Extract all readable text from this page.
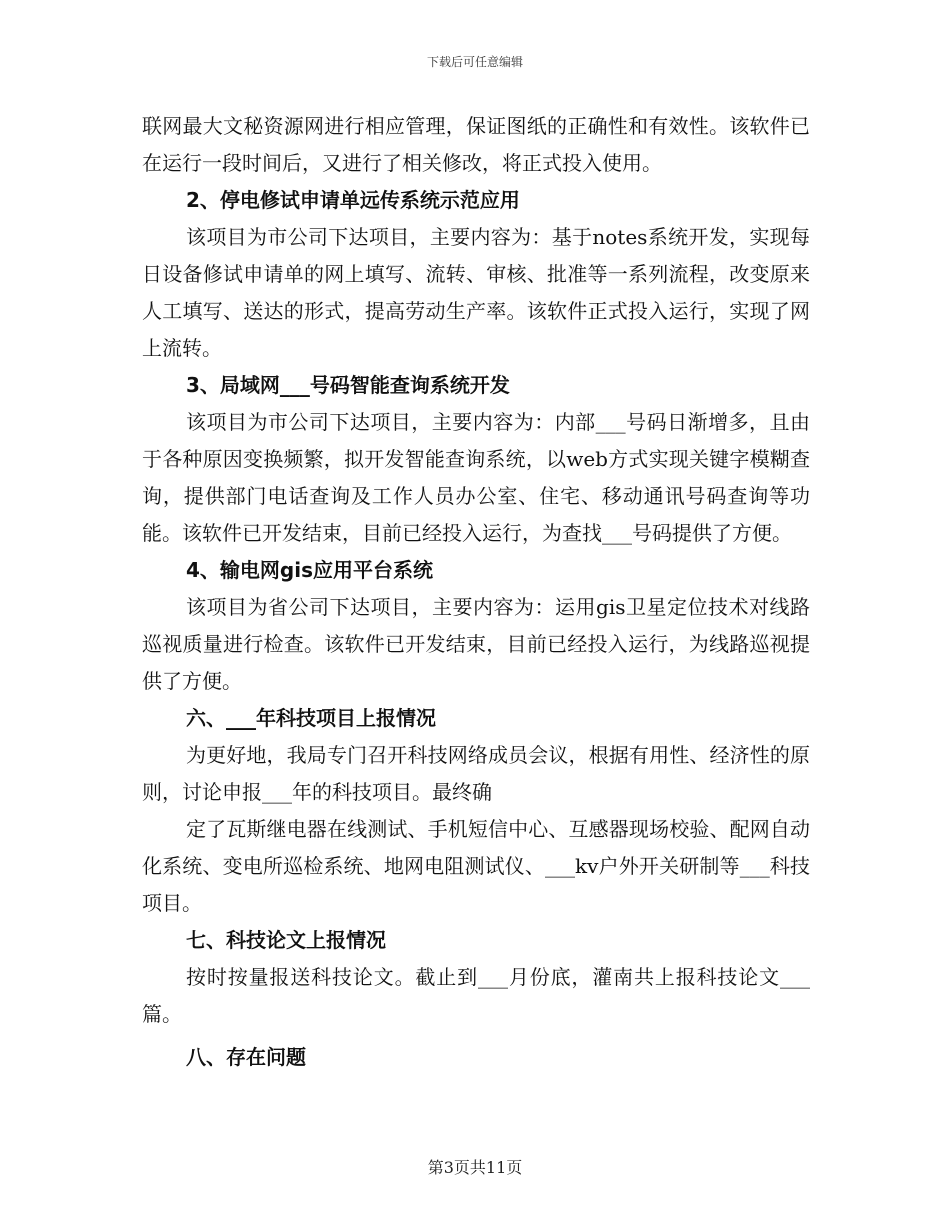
下载后可任意编辑

联网最大文秘资源网进行相应管理，保证图纸的正确性和有效性。该软件已在运行一段时间后，又进行了相关修改，将正式投入使用。

2、停电修试申请单远传系统示范应用

该项目为市公司下达项目，主要内容为：基于notes系统开发，实现每日设备修试申请单的网上填写、流转、审核、批准等一系列流程，改变原来人工填写、送达的形式，提高劳动生产率。该软件正式投入运行，实现了网上流转。

3、局域网___号码智能查询系统开发

该项目为市公司下达项目，主要内容为：内部___号码日渐增多，且由于各种原因变换频繁，拟开发智能查询系统，以web方式实现关键字模糊查询，提供部门电话查询及工作人员办公室、住宅、移动通讯号码查询等功能。该软件已开发结束，目前已经投入运行，为查找___号码提供了方便。

4、输电网gis应用平台系统

该项目为省公司下达项目，主要内容为：运用gis卫星定位技术对线路巡视质量进行检查。该软件已开发结束，目前已经投入运行，为线路巡视提供了方便。

六、___年科技项目上报情况

为更好地，我局专门召开科技网络成员会议，根据有用性、经济性的原则，讨论申报___年的科技项目。最终确

定了瓦斯继电器在线测试、手机短信中心、互感器现场校验、配网自动化系统、变电所巡检系统、地网电阻测试仪、___kv户外开关研制等___科技项目。

七、科技论文上报情况

按时按量报送科技论文。截止到___月份底，灌南共上报科技论文___篇。

八、存在问题
第3页共11页
